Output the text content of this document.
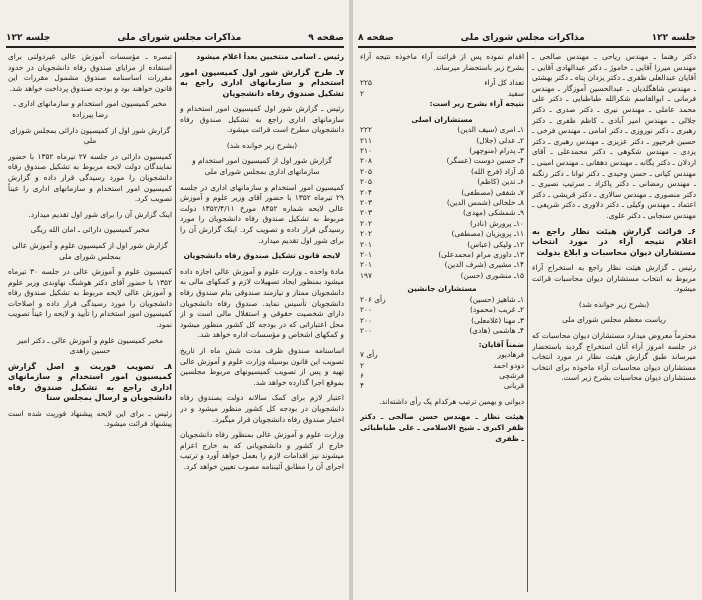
صفحه ۹
مذاکرات مجلس شورای ملی
جلسه ۱۲۲

رئیس ـ اسامی منتخبین بعداً اعلام میشود

۷ـ طرح گزارش شور اول کمیسیون امور استخدام و سازمانهای اداری راجع به تشکیل صندوق رفاه دانشجویان

رئیس ـ گزارش شور اول کمیسیون امور استخدام و سازمانهای اداری راجع به تشکیل صندوق رفاه دانشجویان مطرح است قرائت میشود.

(بشرح زیر خوانده شد)

گزارش شور اول از کمیسیون امور استخدام و سازمانهای اداری بمجلس شورای ملی

کمیسیون امور استخدام و سازمانهای اداری در جلسه ۲۹ تیرماه ۱۳۵۲ با حضور آقای وزیر علوم و آموزش عالی لایحه شماره ۸۴۵۲ مورخ ۱۳۵۲/۴/۱۱ دولت مربوط به تشکیل صندوق رفاه دانشجویان را مورد رسیدگی قرار داده و تصویب کرد. اینک گزارش آن را برای شور اول تقدیم میدارد.

لایحه قانون تشکیل صندوق رفاه دانشجویان

مادهٔ واحده ـ وزارت علوم و آموزش عالی اجازه داده میشود بمنظور ایجاد تسهیلات لازم و کمکهای مالی به دانشجویان ممتاز و نیازمند صندوقی بنام صندوق رفاه دانشجویان تأسیس نماید. صندوق رفاه دانشجویان دارای شخصیت حقوقی و استقلال مالی است و از محل اعتباراتی که در بودجه کل کشور منظور میشود و کمکهای اشخاص و مؤسسات اداره خواهد شد.

اساسنامه صندوق ظرف مدت شش ماه از تاریخ تصویب این قانون بوسیله وزارت علوم و آموزش عالی تهیه و پس از تصویب کمیسیونهای مربوط مجلسین بموقع اجرا گذارده خواهد شد.

اعتبار لازم برای کمک سالانه دولت بصندوق رفاه دانشجویان در بودجه کل کشور منظور میشود و در اختیار صندوق رفاه دانشجویان قرار میگیرد.

وزارت علوم و آموزش عالی بمنظور رفاه دانشجویان خارج از کشور و دانشجویانی که به خارج اعزام میشوند نیز اقدامات لازم را بعمل خواهد آورد و ترتیب اجرای آن را مطابق آئیننامه مصوب تعیین خواهد کرد.

تبصره ـ مؤسسات آموزش عالی غیردولتی برای استفاده از مزایای صندوق رفاه دانشجویان در حدود مقررات اساسنامه صندوق مشمول مقررات این قانون خواهند بود و بودجه صندوق پرداخت خواهد شد.

مخبر کمیسیون امور استخدام و سازمانهای اداری ـ رضا پیرزاده

گزارش شور اول از کمیسیون دارائی بمجلس شورای ملی

کمیسیون دارائی در جلسه ۲۷ تیرماه ۱۳۵۲ با حضور نمایندگان دولت لایحه مربوط به تشکیل صندوق رفاه دانشجویان را مورد رسیدگی قرار داده و گزارش کمیسیون امور استخدام و سازمانهای اداری را عیناً تصویب کرد.

اینک گزارش آن را برای شور اول تقدیم میدارد.

مخبر کمیسیون دارائی ـ امان الله ریگی

گزارش شور اول از کمیسیون علوم و آموزش عالی بمجلس شورای ملی

کمیسیون علوم و آموزش عالی در جلسه ۳۰ تیرماه ۱۳۵۲ با حضور آقای دکتر هوشنگ نهاوندی وزیر علوم و آموزش عالی لایحه مربوط به تشکیل صندوق رفاه دانشجویان را مورد رسیدگی قرار داده و اصلاحات کمیسیون امور استخدام را تأیید و لایحه را عیناً تصویب نمود.

مخبر کمیسیون علوم و آموزش عالی ـ دکتر امیر حسین زاهدی

۸ـ تصویب فوریت و اصل گزارش کمیسیون امور استخدام و سازمانهای اداری راجع به تشکیل صندوق رفاه دانشجویان و ارسال بمجلس سنا

رئیس ـ برای این لایحه پیشنهاد فوریت شده است پیشنهاد قرائت میشود.

جلسه ۱۲۲
مذاکرات مجلس شورای ملی
صفحه ۸

دکتر رهنما ـ مهندس ریاحی ـ مهندس صالحی ـ مهندس میرزا آقایی ـ خاموژ ـ دکتر عبدالهادی آقایی ـ آقایان عبدالعلی ظفری ـ دکتر یزدان پناه ـ دکتر بهشتی ـ مهندس شاهگلدیان ـ عبدالحسین آموزگار ـ مهندس فرمانی ـ ابوالقاسم شکرالله طباطبایی ـ دکتر علی محمد عاملی ـ مهندس نیری ـ دکتر صدری ـ دکتر جلالی ـ مهندس امیر آبادی ـ کاظم ظفری ـ دکتر رهبری ـ دکتر نوروزی ـ دکتر امامی ـ مهندس فرخی ـ حسین فرحپور ـ دکتر عزیزی ـ مهندس رهبری ـ دکتر یزدی ـ مهندس شکوهی ـ دکتر محمدعلی ـ آقای اردلان ـ دکتر یگانه ـ مهندس دهقانی ـ مهندس امینی ـ مهندس کیانی ـ حسن وحیدی ـ دکتر توانا ـ دکتر زنگنه ـ مهندس رمضانی ـ دکتر پاکزاد ـ سرتیپ نصیری ـ دکتر منصوری ـ مهندس سالاری ـ دکتر قریشی ـ دکتر اعتماد ـ مهندس وکیلی ـ دکتر دلاوری ـ دکتر شریفی ـ مهندس سنجابی ـ دکتر علوی.

۶ـ قرائت گزارش هیئت نظار راجع به اعلام نتیجه آراء در مورد انتخاب مستشاران دیوان محاسبات و ابلاغ بدولت

رئیس ـ گزارش هیئت نظار راجع به استخراج آراء مربوط به انتخاب مستشاران دیوان محاسبات قرائت میشود.

(بشرح زیر خوانده شد)

ریاست معظم مجلس شورای ملی

محترماً معروض میدارد مستشاران دیوان محاسبات که در جلسه امروز آراء آنان استخراج گردید باستحضار میرساند طبق گزارش هیئت نظار در مورد انتخاب مستشاران دیوان محاسبات آراء ماخوذه برای انتخاب مستشاران دیوان محاسبات بشرح زیر است.

اقدام نموده پس از قرائت آراء ماخوذه نتیجه آراء بشرح زیر باستحضار میرساند.

تعداد کل آراء
۲۲۵
سفید
۲

نتیجه آراء بشرح زیر است:

مستشاران اصلی
۱ـ امری (سیف الدین)
۲۲۲
۲ـ عدلی (جلال)
۲۱۱
۳ـ پدرام (منوچهر)
۲۱۰
۴ـ حسین دوست (عسگر)
۲۰۸
۵ـ آزاد (فرج الله)
۲۰۵
۶ـ تدین (کاظم)
۲۰۵
۷ـ شفقی (مصطفی)
۲۰۴
۸ـ خلخالی (شمس الدین)
۲۰۳
۹ـ شمشکی (مهدی)
۲۰۳
۱۰ـ پرورش (نادر)
۲۰۲
۱۱ـ پرویزیان (مصطفی)
۲۰۲
۱۲ـ ولیکی (عباس)
۲۰۱
۱۳ـ داوری مرام (محمدعلی)
۲۰۱
۱۴ـ مشیری (شرف الدین)
۲۰۱
۱۵ـ منشوری (حسن)
۱۹۷
مستشاران جانشین
۱ـ شاهیز (حسین)
۲۰۶ رأی
۲ـ غریب (محمود)
۲۰۰
۳ـ مهنا (غلامعلی)
۲۰۰
۴ـ هاشمی (هادی)
۲۰۰
ضمناً آقایان:
فرهادپور
۷ رأی
دودو احمد
۲
فرشچی
۶
قربانی
۴

دیوانی و بهمین ترتیب هرکدام یک رأی داشته‌اند.

هیئت نظار ـ مهندس حسن صالحی ـ دکتر ظفر اکبری ـ شیخ الاسلامی ـ علی طباطبائی ـ ظفری
